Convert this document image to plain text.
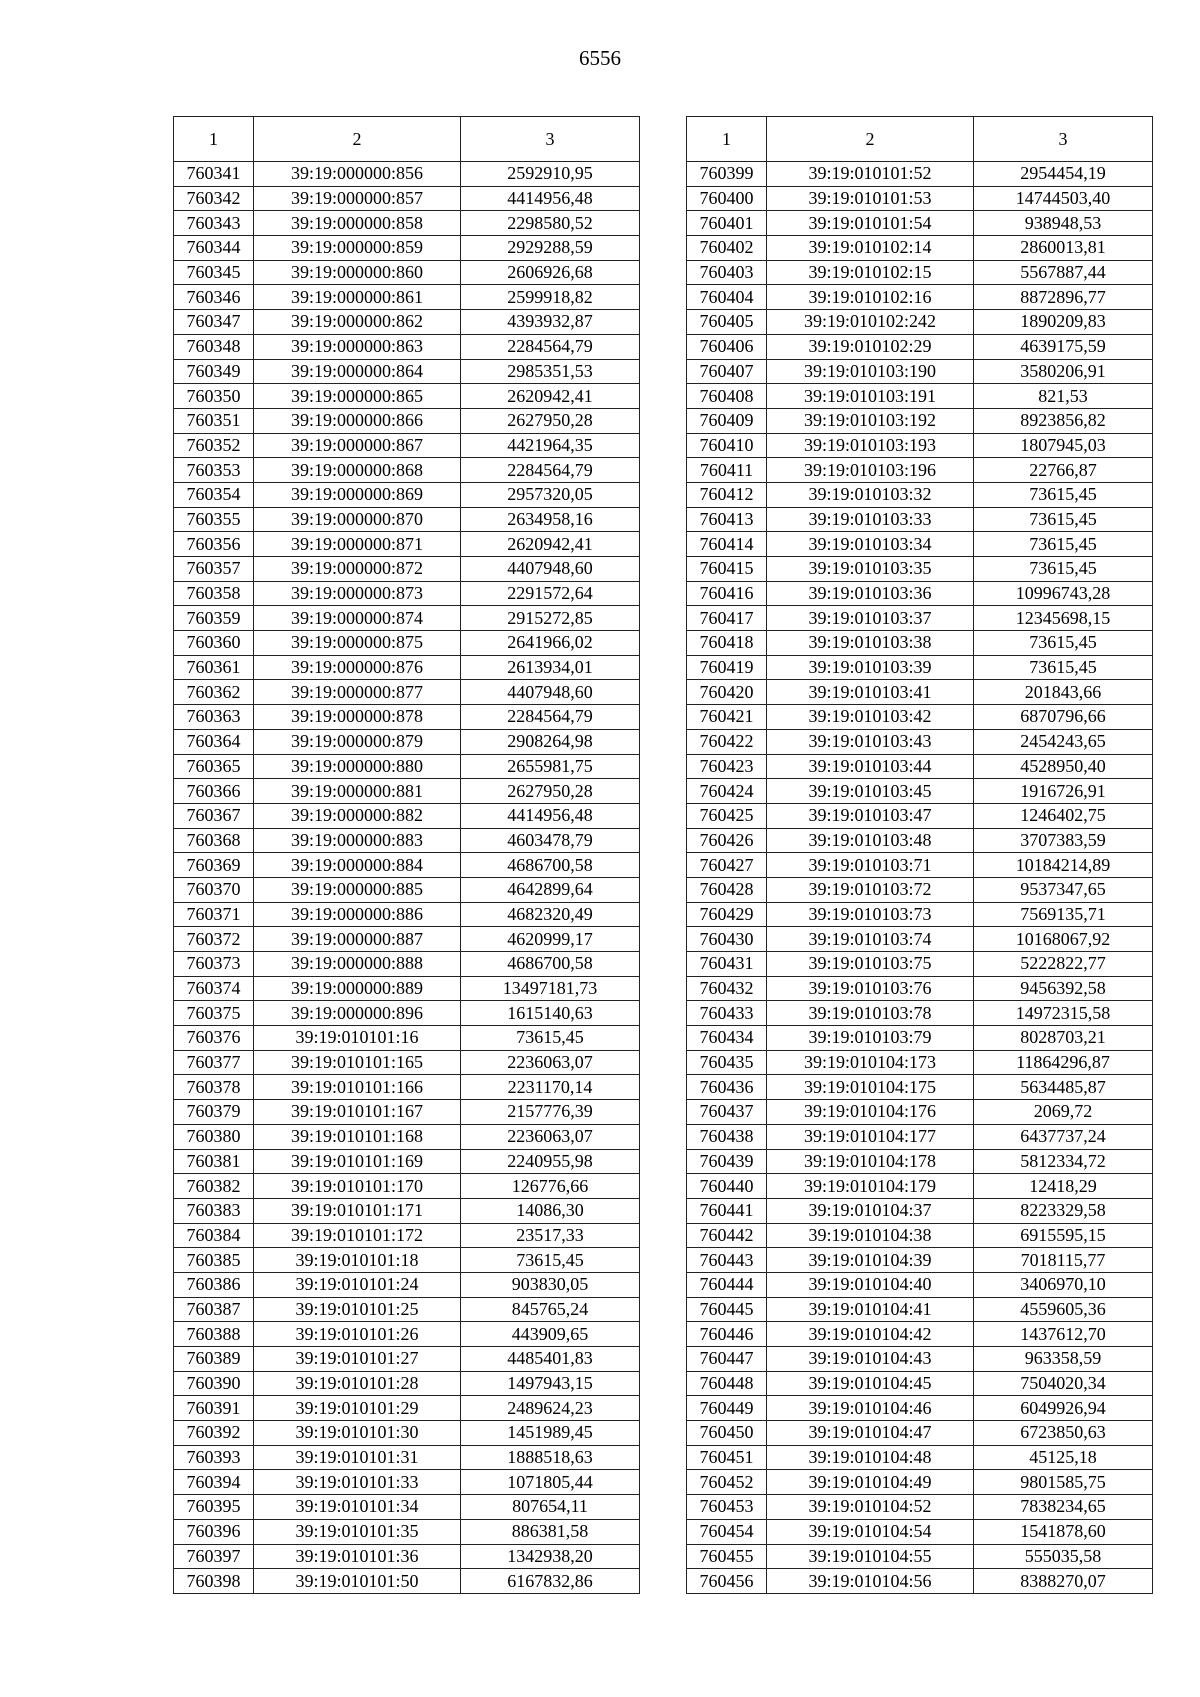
6556
1	2	3
760341	39:19:000000:856	2592910,95
760342	39:19:000000:857	4414956,48
760343	39:19:000000:858	2298580,52
760344	39:19:000000:859	2929288,59
760345	39:19:000000:860	2606926,68
760346	39:19:000000:861	2599918,82
760347	39:19:000000:862	4393932,87
760348	39:19:000000:863	2284564,79
760349	39:19:000000:864	2985351,53
760350	39:19:000000:865	2620942,41
760351	39:19:000000:866	2627950,28
760352	39:19:000000:867	4421964,35
760353	39:19:000000:868	2284564,79
760354	39:19:000000:869	2957320,05
760355	39:19:000000:870	2634958,16
760356	39:19:000000:871	2620942,41
760357	39:19:000000:872	4407948,60
760358	39:19:000000:873	2291572,64
760359	39:19:000000:874	2915272,85
760360	39:19:000000:875	2641966,02
760361	39:19:000000:876	2613934,01
760362	39:19:000000:877	4407948,60
760363	39:19:000000:878	2284564,79
760364	39:19:000000:879	2908264,98
760365	39:19:000000:880	2655981,75
760366	39:19:000000:881	2627950,28
760367	39:19:000000:882	4414956,48
760368	39:19:000000:883	4603478,79
760369	39:19:000000:884	4686700,58
760370	39:19:000000:885	4642899,64
760371	39:19:000000:886	4682320,49
760372	39:19:000000:887	4620999,17
760373	39:19:000000:888	4686700,58
760374	39:19:000000:889	13497181,73
760375	39:19:000000:896	1615140,63
760376	39:19:010101:16	73615,45
760377	39:19:010101:165	2236063,07
760378	39:19:010101:166	2231170,14
760379	39:19:010101:167	2157776,39
760380	39:19:010101:168	2236063,07
760381	39:19:010101:169	2240955,98
760382	39:19:010101:170	126776,66
760383	39:19:010101:171	14086,30
760384	39:19:010101:172	23517,33
760385	39:19:010101:18	73615,45
760386	39:19:010101:24	903830,05
760387	39:19:010101:25	845765,24
760388	39:19:010101:26	443909,65
760389	39:19:010101:27	4485401,83
760390	39:19:010101:28	1497943,15
760391	39:19:010101:29	2489624,23
760392	39:19:010101:30	1451989,45
760393	39:19:010101:31	1888518,63
760394	39:19:010101:33	1071805,44
760395	39:19:010101:34	807654,11
760396	39:19:010101:35	886381,58
760397	39:19:010101:36	1342938,20
760398	39:19:010101:50	6167832,86
1	2	3
760399	39:19:010101:52	2954454,19
760400	39:19:010101:53	14744503,40
760401	39:19:010101:54	938948,53
760402	39:19:010102:14	2860013,81
760403	39:19:010102:15	5567887,44
760404	39:19:010102:16	8872896,77
760405	39:19:010102:242	1890209,83
760406	39:19:010102:29	4639175,59
760407	39:19:010103:190	3580206,91
760408	39:19:010103:191	821,53
760409	39:19:010103:192	8923856,82
760410	39:19:010103:193	1807945,03
760411	39:19:010103:196	22766,87
760412	39:19:010103:32	73615,45
760413	39:19:010103:33	73615,45
760414	39:19:010103:34	73615,45
760415	39:19:010103:35	73615,45
760416	39:19:010103:36	10996743,28
760417	39:19:010103:37	12345698,15
760418	39:19:010103:38	73615,45
760419	39:19:010103:39	73615,45
760420	39:19:010103:41	201843,66
760421	39:19:010103:42	6870796,66
760422	39:19:010103:43	2454243,65
760423	39:19:010103:44	4528950,40
760424	39:19:010103:45	1916726,91
760425	39:19:010103:47	1246402,75
760426	39:19:010103:48	3707383,59
760427	39:19:010103:71	10184214,89
760428	39:19:010103:72	9537347,65
760429	39:19:010103:73	7569135,71
760430	39:19:010103:74	10168067,92
760431	39:19:010103:75	5222822,77
760432	39:19:010103:76	9456392,58
760433	39:19:010103:78	14972315,58
760434	39:19:010103:79	8028703,21
760435	39:19:010104:173	11864296,87
760436	39:19:010104:175	5634485,87
760437	39:19:010104:176	2069,72
760438	39:19:010104:177	6437737,24
760439	39:19:010104:178	5812334,72
760440	39:19:010104:179	12418,29
760441	39:19:010104:37	8223329,58
760442	39:19:010104:38	6915595,15
760443	39:19:010104:39	7018115,77
760444	39:19:010104:40	3406970,10
760445	39:19:010104:41	4559605,36
760446	39:19:010104:42	1437612,70
760447	39:19:010104:43	963358,59
760448	39:19:010104:45	7504020,34
760449	39:19:010104:46	6049926,94
760450	39:19:010104:47	6723850,63
760451	39:19:010104:48	45125,18
760452	39:19:010104:49	9801585,75
760453	39:19:010104:52	7838234,65
760454	39:19:010104:54	1541878,60
760455	39:19:010104:55	555035,58
760456	39:19:010104:56	8388270,07
